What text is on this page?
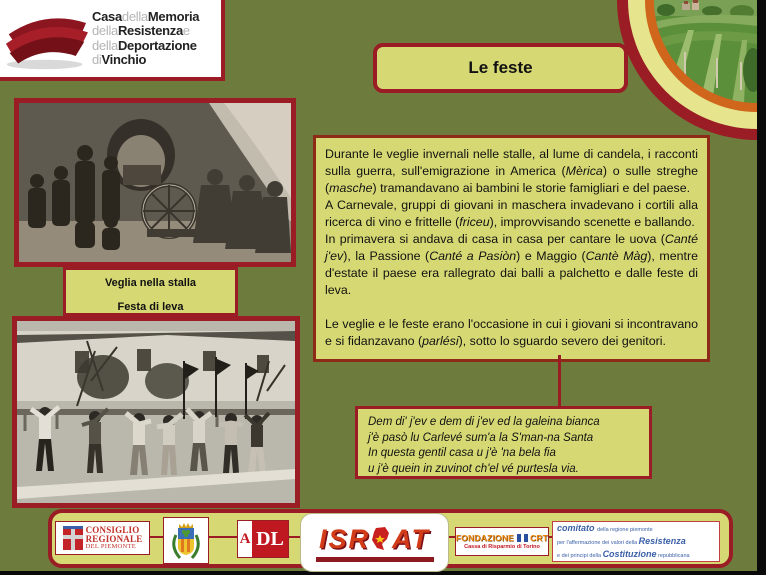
CasadellaMemoria
dellaResistenzae
dellaDeportazione
diVinchio	Le feste
Veglia nella stalla
Festa di leva

Durante le veglie invernali nelle stalle, al lume di candela, i racconti sulla guerra, sull'emigrazione in America (Mèrica) o sulle streghe (masche) tramandavano ai bambini le storie famigliari e del paese.

A Carnevale, gruppi di giovani in maschera invadevano i cortili alla ricerca di vino e frittelle (friceu), improvvisando scenette e ballando.

In primavera si andava di casa in casa per cantare le uova (Canté j'ev), la Passione (Canté a Pasiòn) e Maggio (Cantè Màg), mentre d'estate il paese era rallegrato dai balli a palchetto e dalle feste di leva.

Le veglie e le feste erano l'occasione in cui i giovani si incontravano e si fidanzavano (parlési), sotto lo sguardo severo dei genitori.

Dem di' j'ev e dem di j'ev ed la galeina bianca
j'è pasò lu Carlevé sum'a la S'man-na Santa
In questa gentil casa u j'è 'na bela fia
u j'è quein in zuvinot ch'el vé purtesla via.
CONSIGLIO
REGIONALE
DEL PIEMONTE	A DL ISR AT	FONDAZIONE CRT
Cassa di Risparmio di Torino
comitato della regione piemonte
per l'affermazione dei valori della Resistenza
e dei principi della Costituzione repubblicana
